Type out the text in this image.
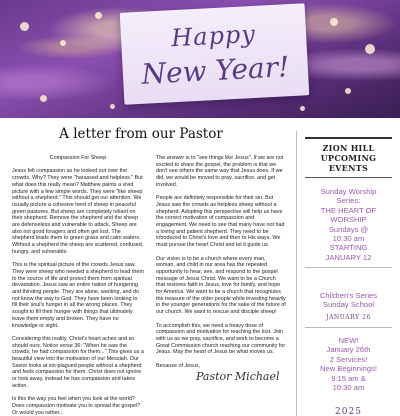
Happy
New Year!
A letter from our Pastor
Compassion For Sheep

Jesus felt compassion as he looked out over the crowds. Why? They were "harassed and helpless." But what does this really mean? Matthew paints a vivid picture with a few simple words. They were "like sheep without a shepherd." This should get our attention. We usually picture a cohesive herd of sheep in peaceful green pastures. But sheep are completely reliant on their shepherd. Remove the shepherd and the sheep are defenseless and vulnerable to attack. Sheep are also not good foragers and often get lost. The shepherd leads them to green grass and calm waters. Without a shepherd the sheep are scattered, confused, hungry, and vulnerable.

This is the spiritual picture of the crowds Jesus saw. They were sheep who needed a shepherd to lead them to the source of life and protect them from spiritual devastation. Jesus saw an entire nation of hungering and thirsting people. They are alone, wanting, and do not know the way to God. They have been looking to fill their soul's hunger in all the wrong places. They sought to fill their hunger with things that ultimately leave them empty and broken. They have no knowledge or sight.

Considering this reality, Christ's heart aches and so should ours. Notice verse 36: "When he saw the crowds, he had compassion for them..." This gives us a beautiful view into the motivation of our Messiah. Our Savior looks at sin-plagued people without a shepherd and feels compassion for them. Christ does not ignore or look away, instead he has compassion and takes action.

Is this the way you feel when you look at the world? Does compassion motivate you to spread the gospel? Or would you rather...

The answer is to "see things like Jesus". If we are not excited to share the gospel, the problem is that we don't see others the same way that Jesus does. If we did, we would be moved to pray, sacrifice, and get involved.

People are definitely responsible for their sin. But Jesus saw the crowds as helpless sheep without a shepherd. Adopting this perspective will help us have the correct motivation of compassion and engagement. We need to see that many have not had a loving and patient shepherd. They need to be introduced to Christ's love and then to His ways. We must pursue the heart Christ and let it guide us.

Our vision is to be a church where every man, woman, and child in our area has the repeated opportunity to hear, see, and respond to the gospel message of Jesus Christ. We want to be a Church that restores faith in Jesus, love for family, and hope for America. We want to be a church that recognizes the treasure of the older people while investing heavily in the younger generations for the sake of the future of our church. We want to rescue and disciple sheep!

To accomplish this, we need a heavy dose of compassion and motivation for reaching the lost. Join with us as we pray, sacrifice, and work to become a Great Commission church reaching our community for Jesus. May the heart of Jesus be what moves us.

Because of Jesus,

Pastor Michael
ZION HILL
UPCOMING
EVENTS
Sunday Worship
Series:
THE HEART OF
WORSHIP
Sundays @
10:30 am
STARTING
JANUARY 12
Children's Series
Sunday School
JANUARY 26
NEW!
January 26th
2 Services!
New Beginnings!
9:15 am &
10:30 am
2025
